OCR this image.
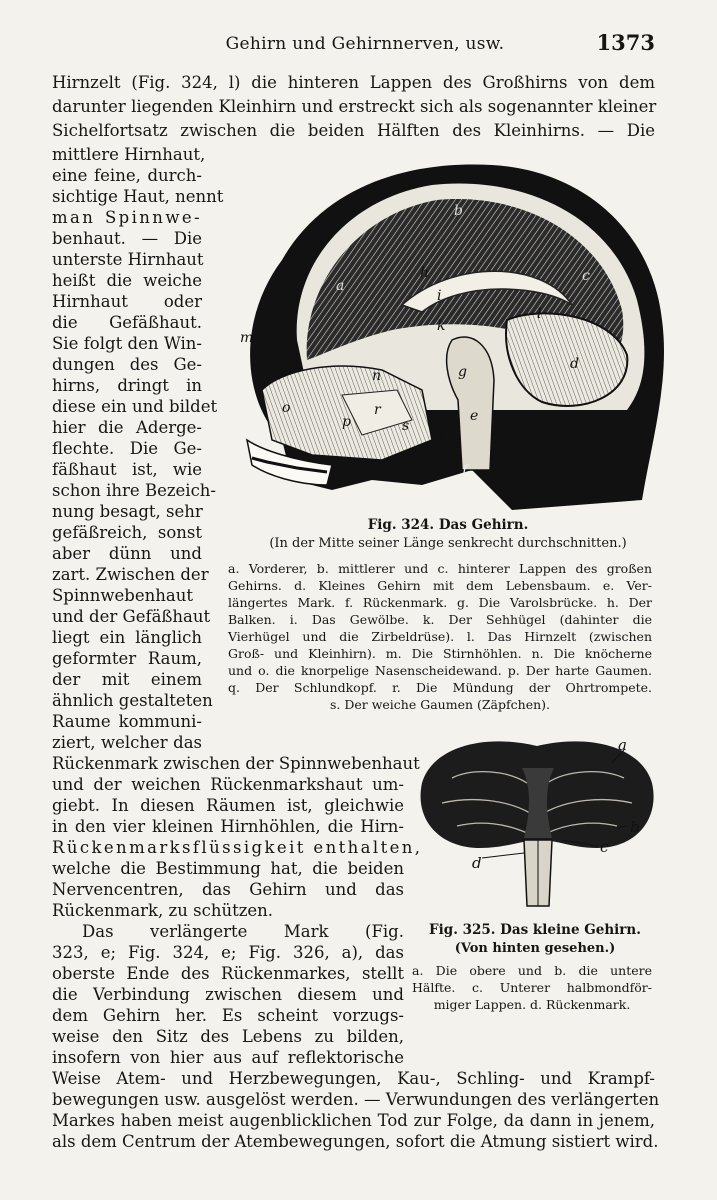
Gehirn und Gehirnnerven, usw.	1373
Hirnzelt (Fig. 324, l) die hinteren Lappen des Großhirns von dem
darunter liegenden Kleinhirn und erstreckt sich als sogenannter kleiner
Sichelfortsatz zwischen die beiden Hälften des Kleinhirns. — Die
mittlere Hirnhaut,
eine feine, durch-
sichtige Haut, nennt
man Spinnwe-
benhaut. — Die
unterste Hirnhaut
heißt die weiche
Hirnhaut oder
die Gefäßhaut.
Sie folgt den Win-
dungen des Ge-
hirns, dringt in
diese ein und bildet
hier die Aderge-
flechte. Die Ge-
fäßhaut ist, wie
schon ihre Bezeich-
nung besagt, sehr
gefäßreich, sonst
aber dünn und
zart. Zwischen der
Spinnwebenhaut
und der Gefäßhaut
liegt ein länglich
geformter Raum,
der mit einem
ähnlich gestalteten
Raume kommuni-
ziert, welcher das
Rückenmark zwischen der Spinnwebenhaut
und der weichen Rückenmarkshaut um-
giebt. In diesen Räumen ist, gleichwie
in den vier kleinen Hirnhöhlen, die Hirn-
Rückenmarksflüssigkeit enthalten,
welche die Bestimmung hat, die beiden
Nervencentren, das Gehirn und das
Rückenmark, zu schützen.
Das verlängerte Mark (Fig.
323, e; Fig. 324, e; Fig. 326, a), das
oberste Ende des Rückenmarkes, stellt
die Verbindung zwischen diesem und
dem Gehirn her. Es scheint vorzugs-
weise den Sitz des Lebens zu bilden,
insofern von hier aus auf reflektorische
Weise Atem- und Herzbewegungen, Kau-, Schling- und Krampf-
bewegungen usw. ausgelöst werden. — Verwundungen des verlängerten
Markes haben meist augenblicklichen Tod zur Folge, da dann in jenem,
als dem Centrum der Atembewegungen, sofort die Atmung sistiert wird.
a
b
c
d
e
f
g
h
i
k
l
m
n
o
p
q
r
s
Fig. 324. Das Gehirn.
(In der Mitte seiner Länge senkrecht durchschnitten.)
a. Vorderer, b. mittlerer und c. hinterer Lappen des großen
Gehirns. d. Kleines Gehirn mit dem Lebensbaum. e. Ver-
längertes Mark. f. Rückenmark. g. Die Varolsbrücke. h. Der
Balken. i. Das Gewölbe. k. Der Sehhügel (dahinter die
Vierhügel und die Zirbeldrüse). l. Das Hirnzelt (zwischen
Groß- und Kleinhirn). m. Die Stirnhöhlen. n. Die knöcherne
und o. die knorpelige Nasenscheidewand. p. Der harte Gaumen.
q. Der Schlundkopf. r. Die Mündung der Ohrtrompete.
s. Der weiche Gaumen (Zäpfchen).
a
b
c
d
Fig. 325. Das kleine Gehirn.
(Von hinten gesehen.)
a. Die obere und b. die untere
Hälfte. c. Unterer halbmondför-
miger Lappen. d. Rückenmark.
